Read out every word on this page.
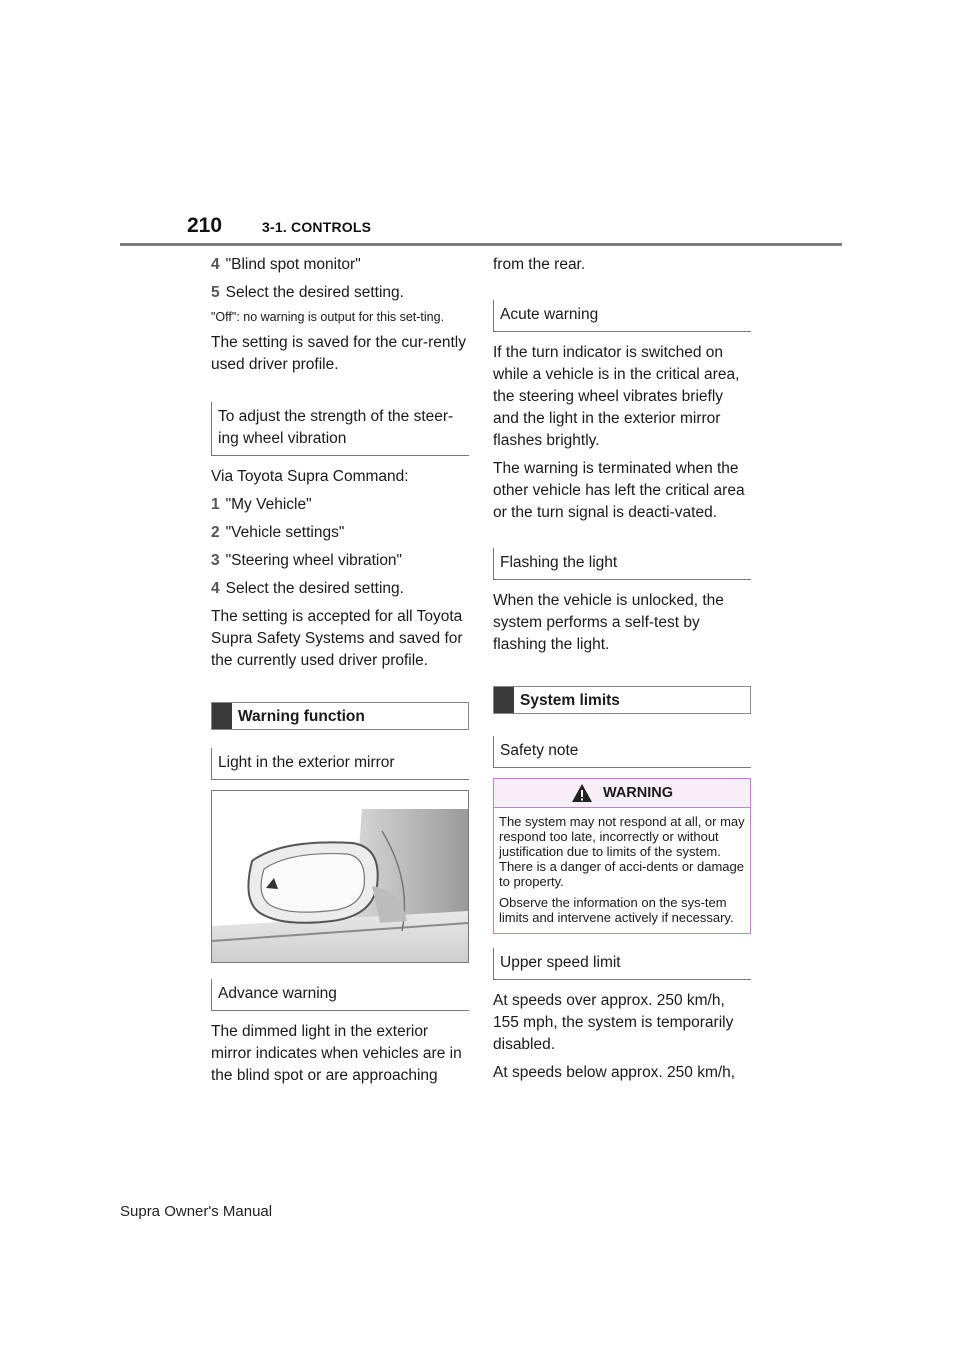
210	3-1. CONTROLS

4 "Blind spot monitor"

5 Select the desired setting.

"Off": no warning is output for this set-ting.

The setting is saved for the cur-rently used driver profile.

To adjust the strength of the steer-ing wheel vibration

Via Toyota Supra Command:

1 "My Vehicle"

2 "Vehicle settings"

3 "Steering wheel vibration"

4 Select the desired setting.

The setting is accepted for all Toyota Supra Safety Systems and saved for the currently used driver profile.

Warning function
Light in the exterior mirror
Advance warning

The dimmed light in the exterior mirror indicates when vehicles are in the blind spot or are approaching

from the rear.

Acute warning

If the turn indicator is switched on while a vehicle is in the critical area, the steering wheel vibrates briefly and the light in the exterior mirror flashes brightly.

The warning is terminated when the other vehicle has left the critical area or the turn signal is deacti-vated.

Flashing the light

When the vehicle is unlocked, the system performs a self-test by flashing the light.

System limits
Safety note
WARNING

The system may not respond at all, or may respond too late, incorrectly or without justification due to limits of the system. There is a danger of acci-dents or damage to property.

Observe the information on the sys-tem limits and intervene actively if necessary.

Upper speed limit

At speeds over approx. 250 km/h, 155 mph, the system is temporarily disabled.

At speeds below approx. 250 km/h,

Supra Owner's Manual
